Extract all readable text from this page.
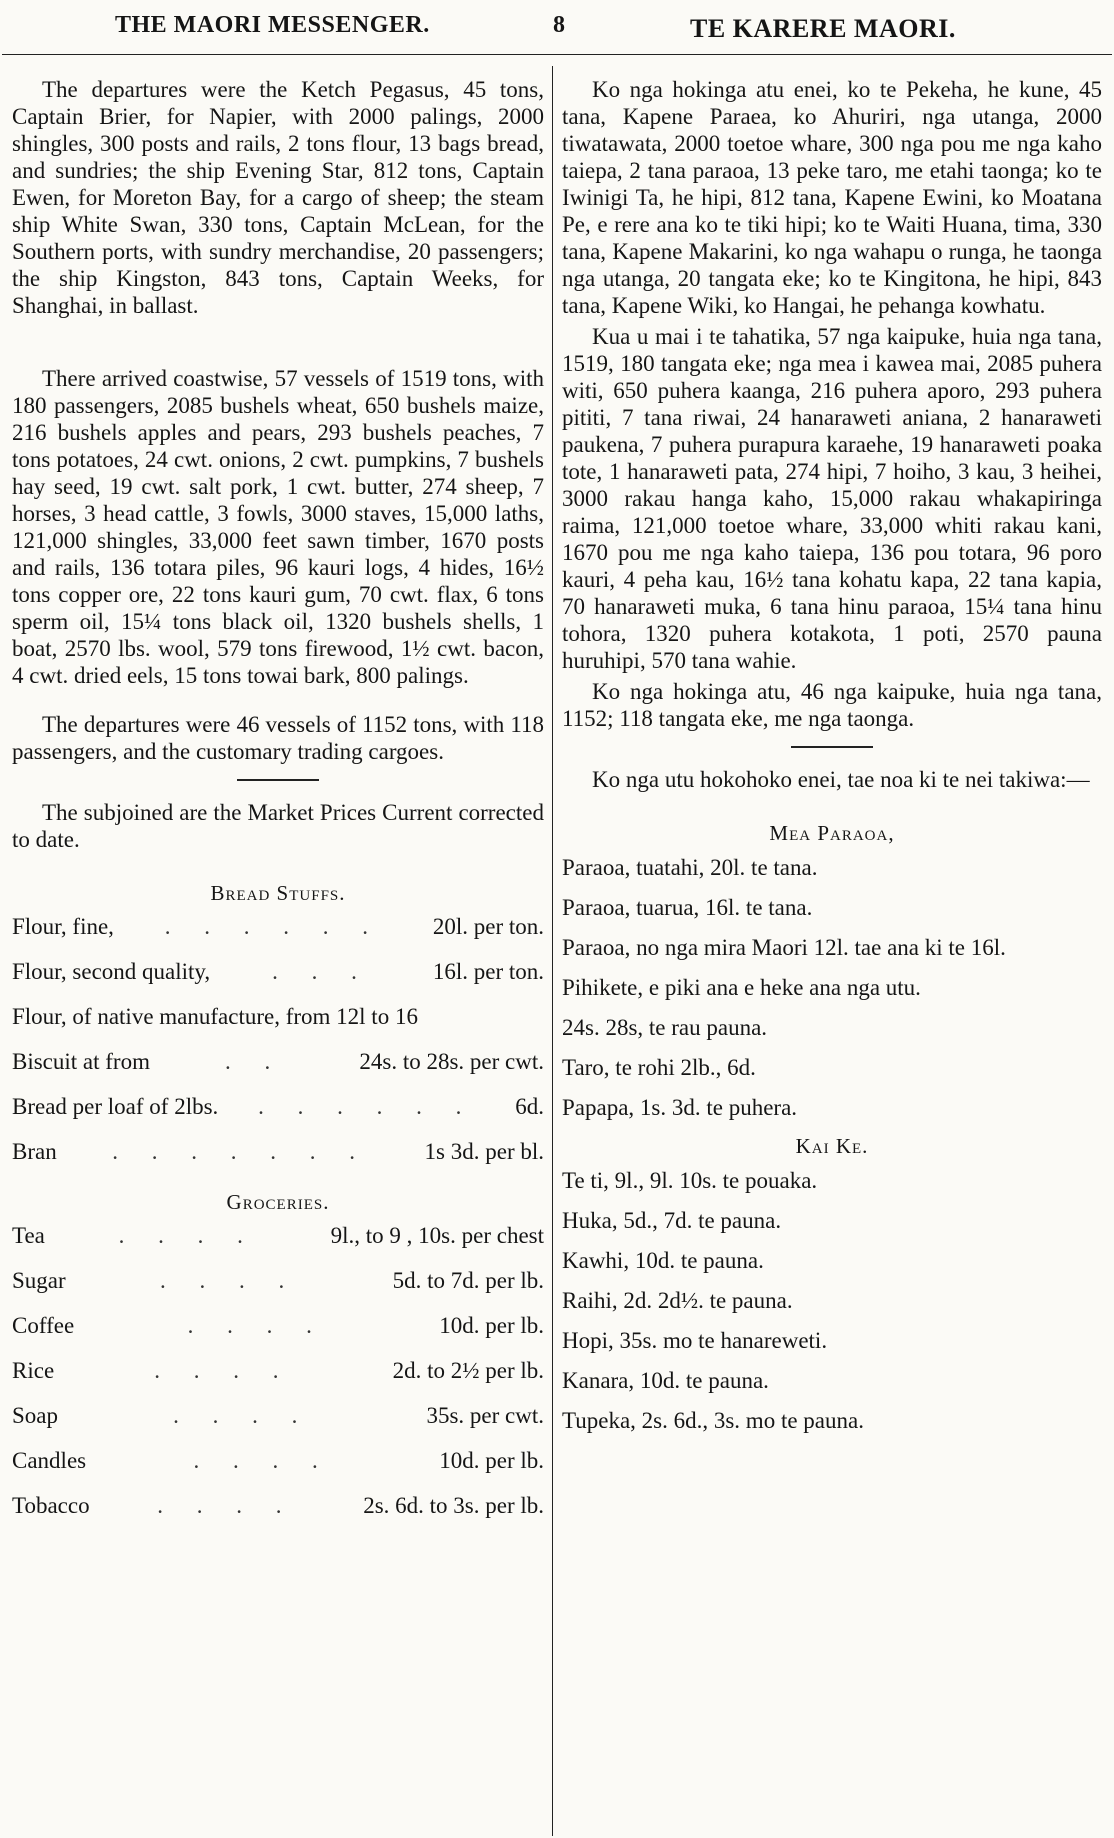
THE MAORI MESSENGER.	8	TE KARERE MAORI.

The departures were the Ketch Pegasus, 45 tons, Captain Brier, for Napier, with 2000 palings, 2000 shingles, 300 posts and rails, 2 tons flour, 13 bags bread, and sundries; the ship Evening Star, 812 tons, Captain Ewen, for Moreton Bay, for a cargo of sheep; the steam ship White Swan, 330 tons, Captain McLean, for the Southern ports, with sundry merchandise, 20 passengers; the ship Kingston, 843 tons, Captain Weeks, for Shanghai, in ballast.

There arrived coastwise, 57 vessels of 1519 tons, with 180 passengers, 2085 bushels wheat, 650 bushels maize, 216 bushels apples and pears, 293 bushels peaches, 7 tons potatoes, 24 cwt. onions, 2 cwt. pumpkins, 7 bushels hay seed, 19 cwt. salt pork, 1 cwt. butter, 274 sheep, 7 horses, 3 head cattle, 3 fowls, 3000 staves, 15,000 laths, 121,000 shingles, 33,000 feet sawn timber, 1670 posts and rails, 136 totara piles, 96 kauri logs, 4 hides, 16½ tons copper ore, 22 tons kauri gum, 70 cwt. flax, 6 tons sperm oil, 15¼ tons black oil, 1320 bushels shells, 1 boat, 2570 lbs. wool, 579 tons firewood, 1½ cwt. bacon, 4 cwt. dried eels, 15 tons towai bark, 800 palings.

The departures were 46 vessels of 1152 tons, with 118 passengers, and the customary trading cargoes.

The subjoined are the Market Prices Current corrected to date.

Bread Stuffs.
Flour, fine,	. . . . . .	20l. per ton.
Flour, second quality,	. . .	16l. per ton.
Flour, of native manufacture, from 12l to 16
Biscuit at from	. .	24s. to 28s. per cwt.
Bread per loaf of 2lbs.	. . . . . .	6d.
Bran	. . . . . . .	1s 3d. per bl.
Groceries.
Tea	. . . .	9l., to 9 , 10s. per chest
Sugar	. . . .	5d. to 7d. per lb.
Coffee	. . . .	10d. per lb.
Rice	. . . .	2d. to 2½ per lb.
Soap	. . . .	35s. per cwt.
Candles	. . . .	10d. per lb.
Tobacco	. . . .	2s. 6d. to 3s. per lb.

Ko nga hokinga atu enei, ko te Pekeha, he kune, 45 tana, Kapene Paraea, ko Ahuriri, nga utanga, 2000 tiwatawata, 2000 toetoe whare, 300 nga pou me nga kaho taiepa, 2 tana paraoa, 13 peke taro, me etahi taonga; ko te Iwinigi Ta, he hipi, 812 tana, Kapene Ewini, ko Moatana Pe, e rere ana ko te tiki hipi; ko te Waiti Huana, tima, 330 tana, Kapene Makarini, ko nga wahapu o runga, he taonga nga utanga, 20 tangata eke; ko te Kingitona, he hipi, 843 tana, Kapene Wiki, ko Hangai, he pehanga kowhatu.

Kua u mai i te tahatika, 57 nga kaipuke, huia nga tana, 1519, 180 tangata eke; nga mea i kawea mai, 2085 puhera witi, 650 puhera kaanga, 216 puhera aporo, 293 puhera pititi, 7 tana riwai, 24 hanaraweti aniana, 2 hanaraweti paukena, 7 puhera purapura karaehe, 19 hanaraweti poaka tote, 1 hanaraweti pata, 274 hipi, 7 hoiho, 3 kau, 3 heihei, 3000 rakau hanga kaho, 15,000 rakau whakapiringa raima, 121,000 toetoe whare, 33,000 whiti rakau kani, 1670 pou me nga kaho taiepa, 136 pou totara, 96 poro kauri, 4 peha kau, 16½ tana kohatu kapa, 22 tana kapia, 70 hanaraweti muka, 6 tana hinu paraoa, 15¼ tana hinu tohora, 1320 puhera kotakota, 1 poti, 2570 pauna huruhipi, 570 tana wahie.

Ko nga hokinga atu, 46 nga kaipuke, huia nga tana, 1152; 118 tangata eke, me nga taonga.

Ko nga utu hokohoko enei, tae noa ki te nei takiwa:—

Mea Paraoa,
Paraoa, tuatahi, 20l. te tana.
Paraoa, tuarua, 16l. te tana.
Paraoa, no nga mira Maori 12l. tae ana ki te 16l.
Pihikete, e piki ana e heke ana nga utu.
24s. 28s, te rau pauna.
Taro, te rohi 2lb., 6d.
Papapa, 1s. 3d. te puhera.
Kai Ke.
Te ti, 9l., 9l. 10s. te pouaka.
Huka, 5d., 7d. te pauna.
Kawhi, 10d. te pauna.
Raihi, 2d. 2d½. te pauna.
Hopi, 35s. mo te hanareweti.
Kanara, 10d. te pauna.
Tupeka, 2s. 6d., 3s. mo te pauna.
